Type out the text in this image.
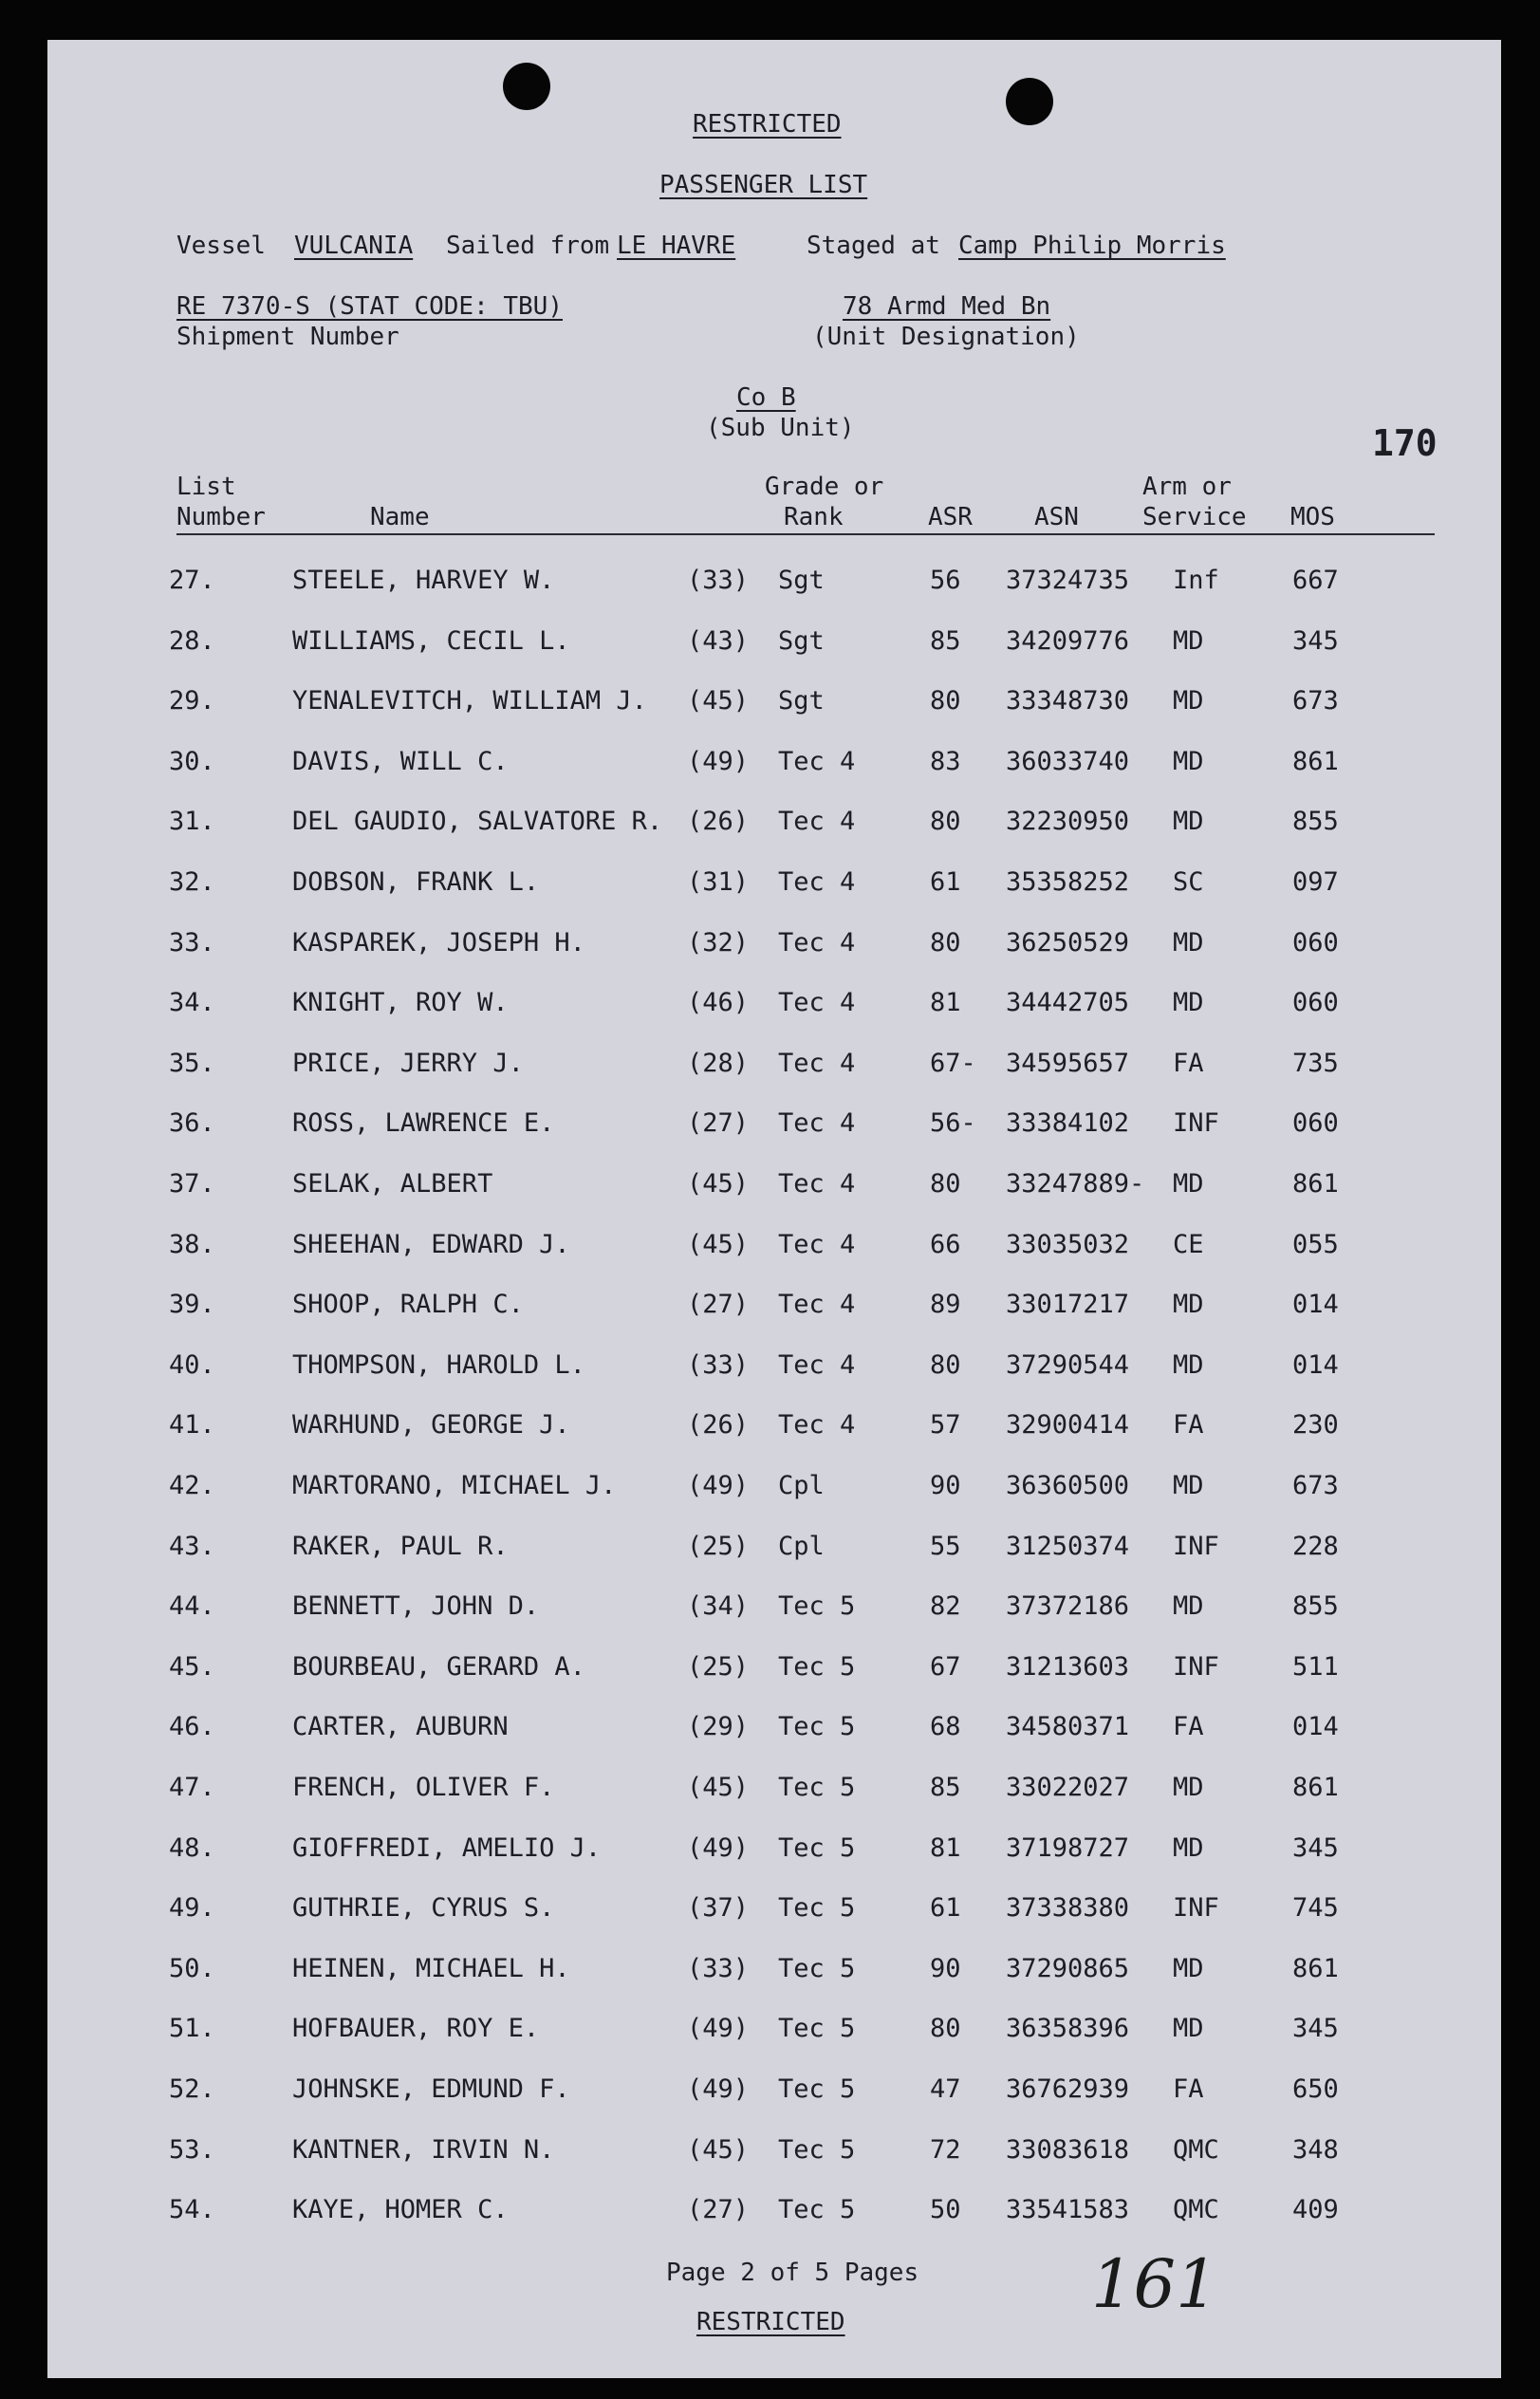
RESTRICTED
PASSENGER LIST
Vessel VULCANIA Sailed from LE HAVRE	Staged at Camp Philip Morris
RE 7370-S (STAT CODE: TBU)
Shipment Number
78 Armd Med Bn
(Unit Designation)
Co B
(Sub Unit)	170
List
Number	Name
Grade or
Rank	ASR	ASN
Arm or
Service MOS
27.	STEELE, HARVEY W.	(33) Sgt	56 37324735 Inf	667
28.	WILLIAMS, CECIL L.	(43) Sgt	85 34209776 MD	345
29.	YENALEVITCH, WILLIAM J. (45) Sgt	80 33348730 MD	673
30.	DAVIS, WILL C.	(49) Tec 4	83 36033740 MD	861
31.	DEL GAUDIO, SALVATORE R. (26) Tec 4	80 32230950 MD	855
32.	DOBSON, FRANK L.	(31) Tec 4	61 35358252 SC	097
33.	KASPAREK, JOSEPH H.	(32) Tec 4	80 36250529 MD	060
34.	KNIGHT, ROY W.	(46) Tec 4	81 34442705 MD	060
35.	PRICE, JERRY J.	(28) Tec 4	67- 34595657 FA	735
36.	ROSS, LAWRENCE E.	(27) Tec 4	56- 33384102 INF	060
37.	SELAK, ALBERT	(45) Tec 4	80 33247889- MD	861
38.	SHEEHAN, EDWARD J.	(45) Tec 4	66 33035032 CE	055
39.	SHOOP, RALPH C.	(27) Tec 4	89 33017217 MD	014
40.	THOMPSON, HAROLD L.	(33) Tec 4	80 37290544 MD	014
41.	WARHUND, GEORGE J.	(26) Tec 4	57 32900414 FA	230
42.	MARTORANO, MICHAEL J.	(49) Cpl	90 36360500 MD	673
43.	RAKER, PAUL R.	(25) Cpl	55 31250374 INF	228
44.	BENNETT, JOHN D.	(34) Tec 5	82 37372186 MD	855
45.	BOURBEAU, GERARD A.	(25) Tec 5	67 31213603 INF	511
46.	CARTER, AUBURN	(29) Tec 5	68 34580371 FA	014
47.	FRENCH, OLIVER F.	(45) Tec 5	85 33022027 MD	861
48.	GIOFFREDI, AMELIO J.	(49) Tec 5	81 37198727 MD	345
49.	GUTHRIE, CYRUS S.	(37) Tec 5	61 37338380 INF	745
50.	HEINEN, MICHAEL H.	(33) Tec 5	90 37290865 MD	861
51.	HOFBAUER, ROY E.	(49) Tec 5	80 36358396 MD	345
52.	JOHNSKE, EDMUND F.	(49) Tec 5	47 36762939 FA	650
53.	KANTNER, IRVIN N.	(45) Tec 5	72 33083618 QMC	348
54.	KAYE, HOMER C.	(27) Tec 5	50 33541583 QMC	409
Page 2 of 5 Pages
RESTRICTED	161
